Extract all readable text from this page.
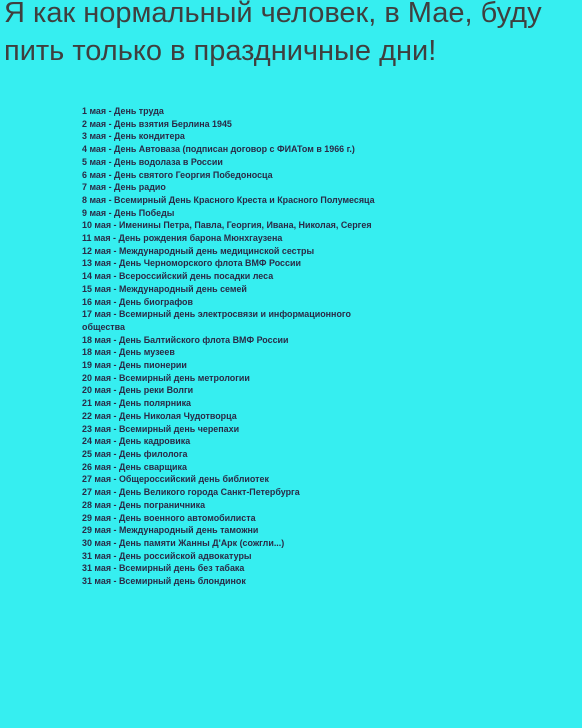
Я как нормальный человек, в Мае, буду
пить только в праздничные дни!
1 мая - День труда
2 мая - День взятия Берлина 1945
3 мая - День кондитера
4 мая - День Автоваза (подписан договор с ФИАТом в 1966 г.)
5 мая - День водолаза в России
6 мая - День святого Георгия Победоносца
7 мая - День радио
8 мая - Всемирный День Красного Креста и Красного Полумесяца
9 мая - День Победы
10 мая - Именины Петра, Павла, Георгия, Ивана, Николая, Сергея
11 мая - День рождения барона Мюнхгаузена
12 мая - Международный день медицинской сестры
13 мая - День Черноморского флота ВМФ России
14 мая - Всероссийский день посадки леса
15 мая - Международный день семей
16 мая - День биографов
17 мая - Всемирный день электросвязи и информационного
общества
18 мая - День Балтийского флота ВМФ России
18 мая - День музеев
19 мая - День пионерии
20 мая - Всемирный день метрологии
20 мая - День реки Волги
21 мая - День полярника
22 мая - День Николая Чудотворца
23 мая - Всемирный день черепахи
24 мая - День кадровика
25 мая - День филолога
26 мая - День сварщика
27 мая - Общероссийский день библиотек
27 мая - День Великого города Санкт-Петербурга
28 мая - День пограничника
29 мая - День военного автомобилиста
29 мая - Международный день таможни
30 мая - День памяти Жанны Д'Арк (сожгли...)
31 мая - День российской адвокатуры
31 мая - Всемирный день без табака
31 мая - Всемирный день блондинок
